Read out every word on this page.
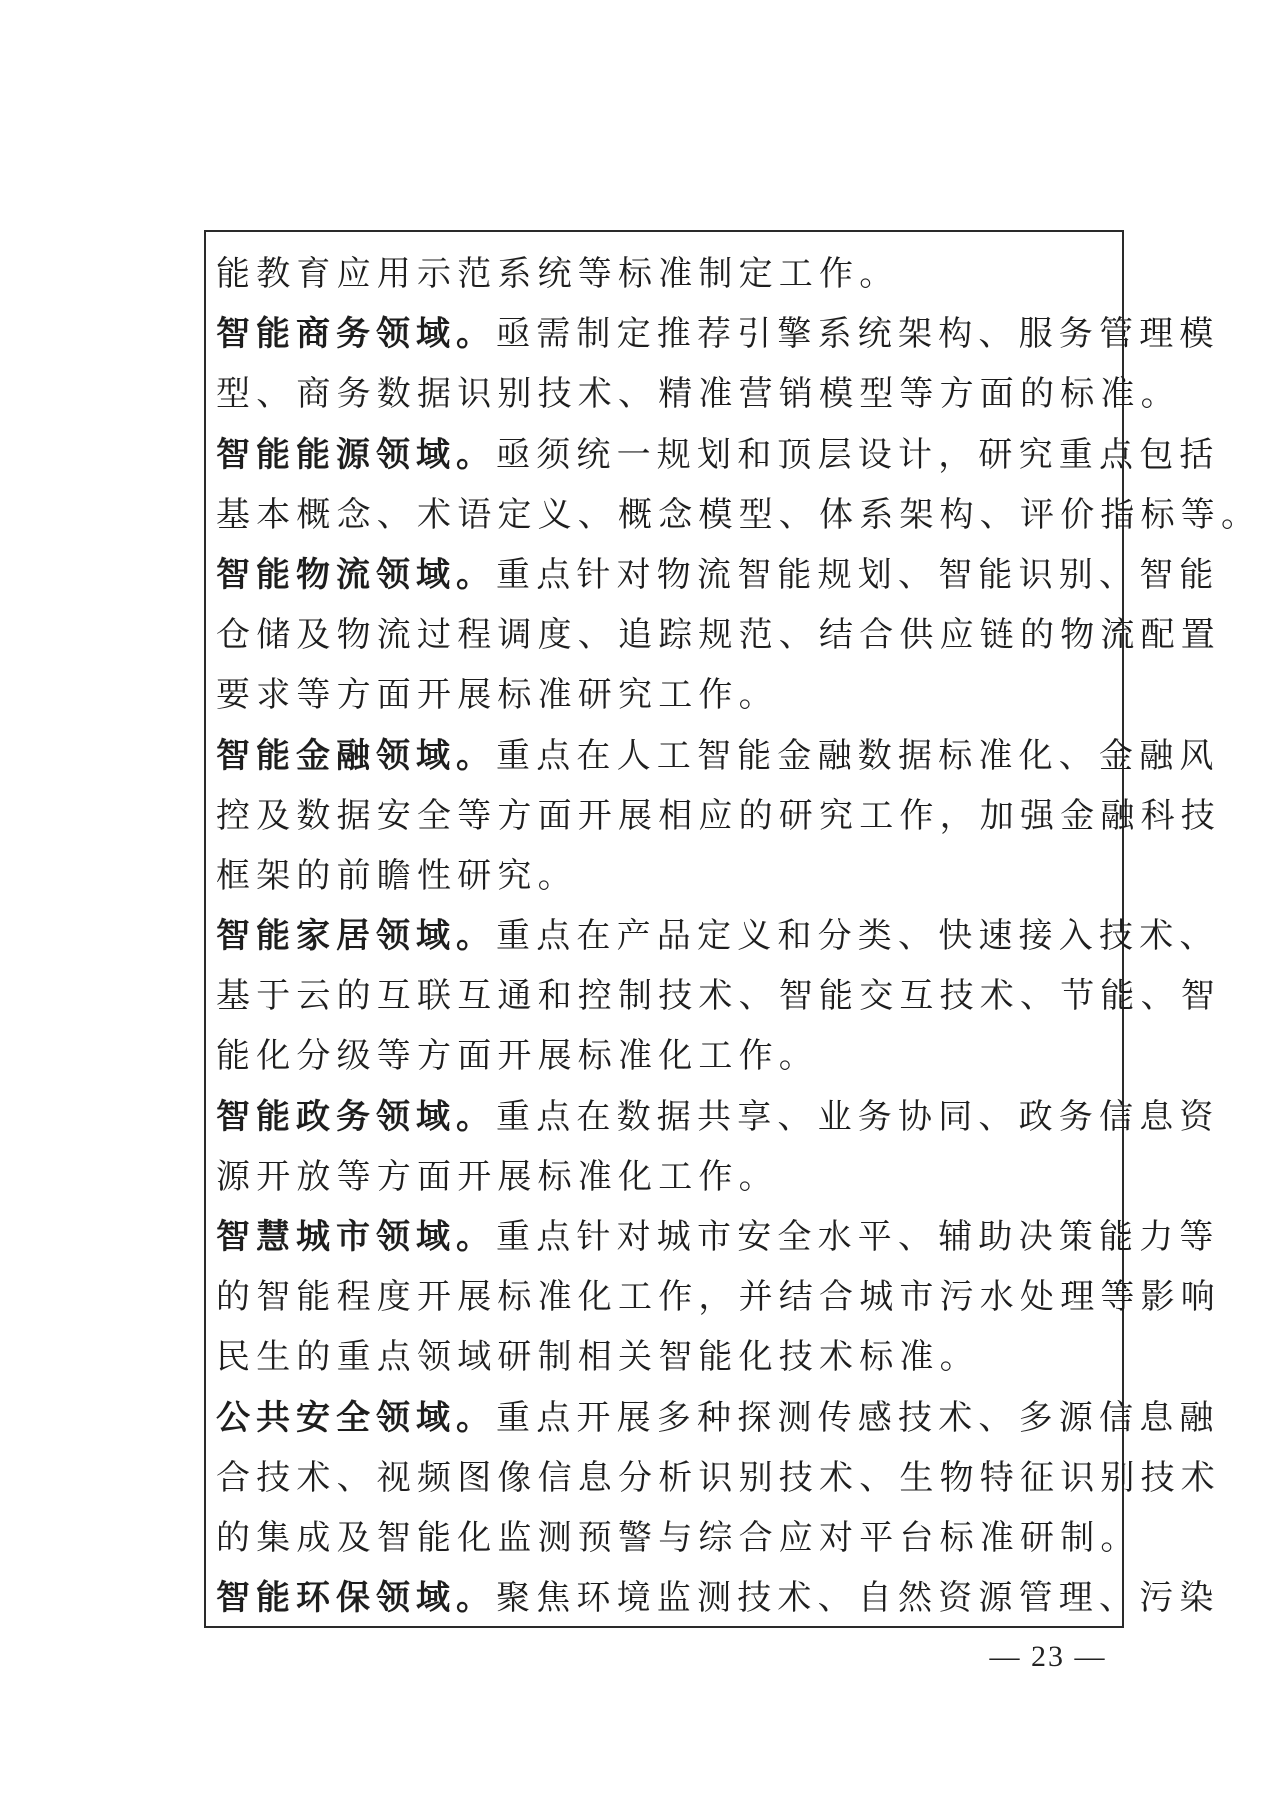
能教育应用示范系统等标准制定工作。
智能商务领域。亟需制定推荐引擎系统架构、服务管理模
型、商务数据识别技术、精准营销模型等方面的标准。
智能能源领域。亟须统一规划和顶层设计，研究重点包括
基本概念、术语定义、概念模型、体系架构、评价指标等。
智能物流领域。重点针对物流智能规划、智能识别、智能
仓储及物流过程调度、追踪规范、结合供应链的物流配置
要求等方面开展标准研究工作。
智能金融领域。重点在人工智能金融数据标准化、金融风
控及数据安全等方面开展相应的研究工作，加强金融科技
框架的前瞻性研究。
智能家居领域。重点在产品定义和分类、快速接入技术、
基于云的互联互通和控制技术、智能交互技术、节能、智
能化分级等方面开展标准化工作。
智能政务领域。重点在数据共享、业务协同、政务信息资
源开放等方面开展标准化工作。
智慧城市领域。重点针对城市安全水平、辅助决策能力等
的智能程度开展标准化工作，并结合城市污水处理等影响
民生的重点领域研制相关智能化技术标准。
公共安全领域。重点开展多种探测传感技术、多源信息融
合技术、视频图像信息分析识别技术、生物特征识别技术
的集成及智能化监测预警与综合应对平台标准研制。
智能环保领域。聚焦环境监测技术、自然资源管理、污染
— 23 —
